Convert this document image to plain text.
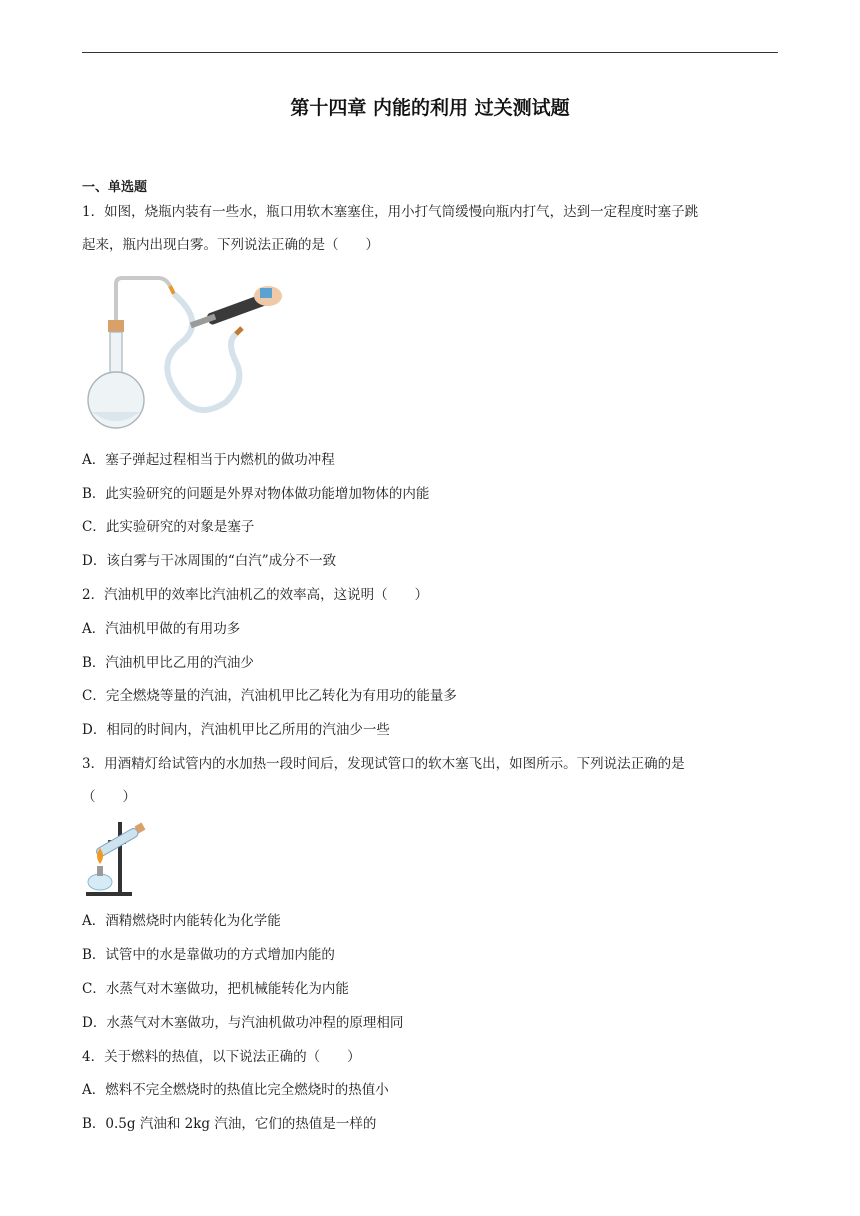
第十四章 内能的利用 过关测试题
一、单选题
1．如图，烧瓶内装有一些水，瓶口用软木塞塞住，用小打气筒缓慢向瓶内打气，达到一定程度时塞子跳
起来，瓶内出现白雾。下列说法正确的是（　　）
A．塞子弹起过程相当于内燃机的做功冲程
B．此实验研究的问题是外界对物体做功能增加物体的内能
C．此实验研究的对象是塞子
D．该白雾与干冰周围的“白汽”成分不一致
2．汽油机甲的效率比汽油机乙的效率高，这说明（　　）
A．汽油机甲做的有用功多
B．汽油机甲比乙用的汽油少
C．完全燃烧等量的汽油，汽油机甲比乙转化为有用功的能量多
D．相同的时间内，汽油机甲比乙所用的汽油少一些
3．用酒精灯给试管内的水加热一段时间后，发现试管口的软木塞飞出，如图所示。下列说法正确的是
（　　）
A．酒精燃烧时内能转化为化学能
B．试管中的水是靠做功的方式增加内能的
C．水蒸气对木塞做功，把机械能转化为内能
D．水蒸气对木塞做功，与汽油机做功冲程的原理相同
4．关于燃料的热值，以下说法正确的（　　）
A．燃料不完全燃烧时的热值比完全燃烧时的热值小
B．0.5g 汽油和 2kg 汽油，它们的热值是一样的
